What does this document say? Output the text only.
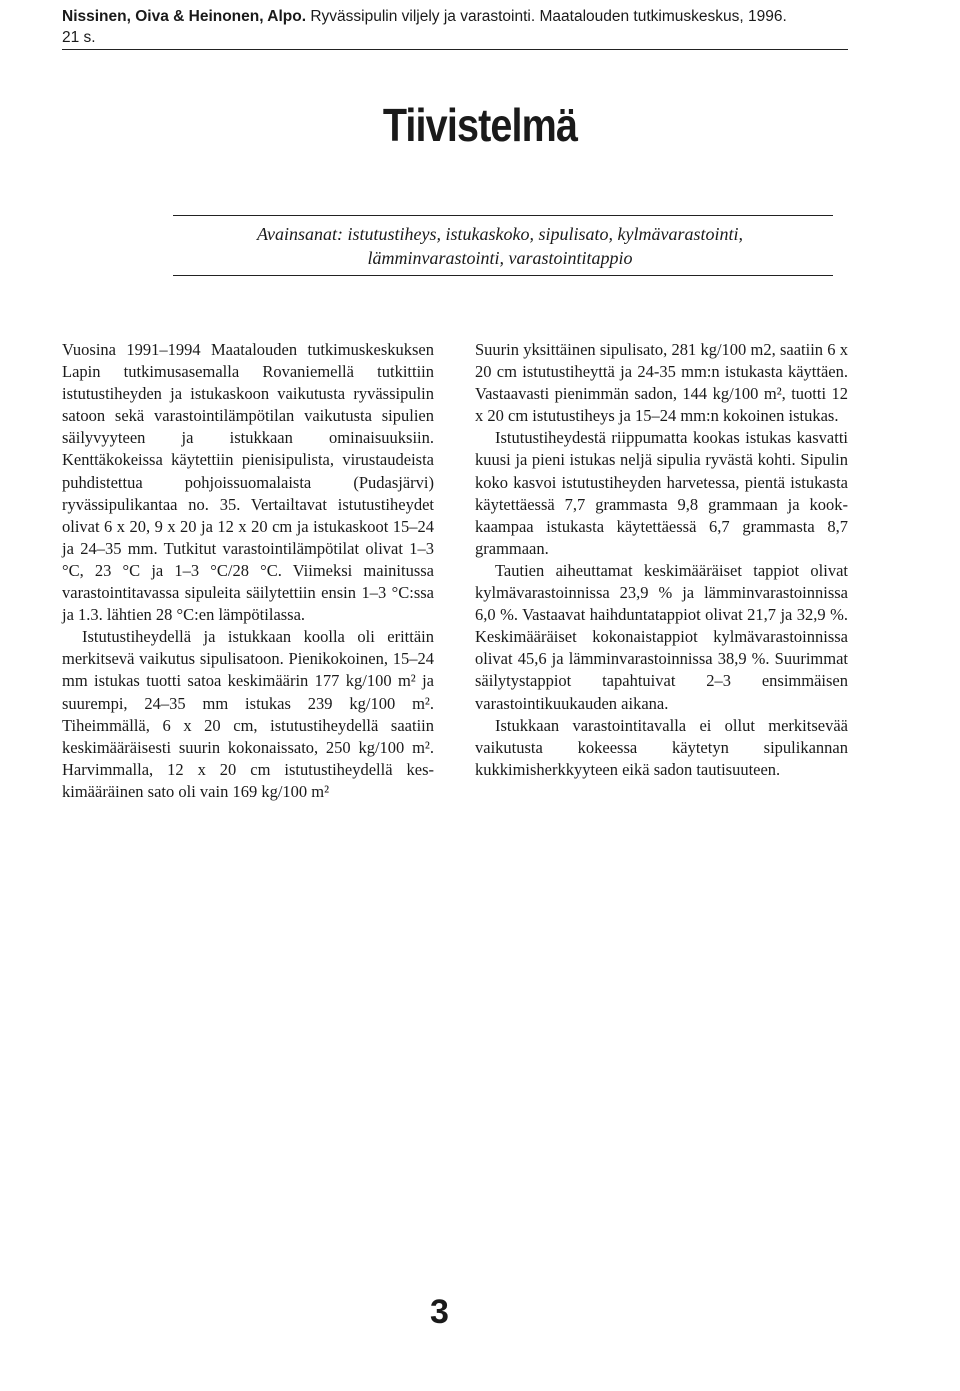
Nissinen, Oiva & Heinonen, Alpo. Ryvässipulin viljely ja varastointi. Maatalouden tutkimuskeskus, 1996.
21 s.
Tiivistelmä
Avainsanat: istutustiheys, istukaskoko, sipulisato, kylmävarastointi,
lämminvarastointi, varastointitappio

Vuosina 1991–1994 Maatalouden tutkimuskeskuksen Lapin tutkimusasemalla Rovaniemellä tutkittiin istutustiheyden ja istukaskoon vaikutusta ryvässipulin satoon sekä varastointilämpötilan vaikutusta sipulien säilyvyyteen ja istukkaan ominaisuuksiin. Kenttäkokeissa käytettiin pienisipulista, virustaudeista puhdistettua pohjoissuomalaista (Pudasjärvi) ryvässipulikantaa no. 35. Vertailtavat istutustiheydet olivat 6 x 20, 9 x 20 ja 12 x 20 cm ja istukaskoot 15–24 ja 24–35 mm. Tutkitut varastointilämpötilat olivat 1–3 °C, 23 °C ja 1–3 °C/28 °C. Viimeksi mainitussa varastointitavassa sipuleita säilytettiin ensin 1–3 °C:ssa ja 1.3. lähtien 28 °C:en lämpötilassa.

Istutustiheydellä ja istukkaan koolla oli erittäin merkitsevä vaikutus sipulisatoon. Pienikokoinen, 15–24 mm istukas tuotti satoa keskimäärin 177 kg/100 m² ja suurempi, 24–35 mm istukas 239 kg/100 m². Tiheimmällä, 6 x 20 cm, istutustiheydellä saatiin keskimääräisesti suurin kokonaissato, 250 kg/100 m². Harvimmalla, 12 x 20 cm istutustiheydellä keskimääräinen sato oli vain 169 kg/100 m²

Suurin yksittäinen sipulisato, 281 kg/100 m2, saatiin 6 x 20 cm istutustiheyttä ja 24-35 mm:n istukasta käyttäen. Vastaavasti pienimmän sadon, 144 kg/100 m², tuotti 12 x 20 cm istutustiheys ja 15–24 mm:n kokoinen istukas.

Istutustiheydestä riippumatta kookas istukas kasvatti kuusi ja pieni istukas neljä sipulia ryvästä kohti. Sipulin koko kasvoi istutustiheyden harvetessa, pientä istukasta käytettäessä 7,7 grammasta 9,8 grammaan ja kookkaampaa istukasta käytettäessä 6,7 grammasta 8,7 grammaan.

Tautien aiheuttamat keskimääräiset tappiot olivat kylmävarastoinnissa 23,9 % ja lämminvarastoinnissa 6,0 %. Vastaavat haihduntatappiot olivat 21,7 ja 32,9 %. Keskimääräiset kokonaistappiot kylmävarastoinnissa olivat 45,6 ja lämminvarastoinnissa 38,9 %. Suurimmat säilytystappiot tapahtuivat 2–3 ensimmäisen varastointikuukauden aikana.

Istukkaan varastointitavalla ei ollut merkitsevää vaikutusta kokeessa käytetyn sipulikannan kukkimisherkkyyteen eikä sadon tautisuuteen.

3
